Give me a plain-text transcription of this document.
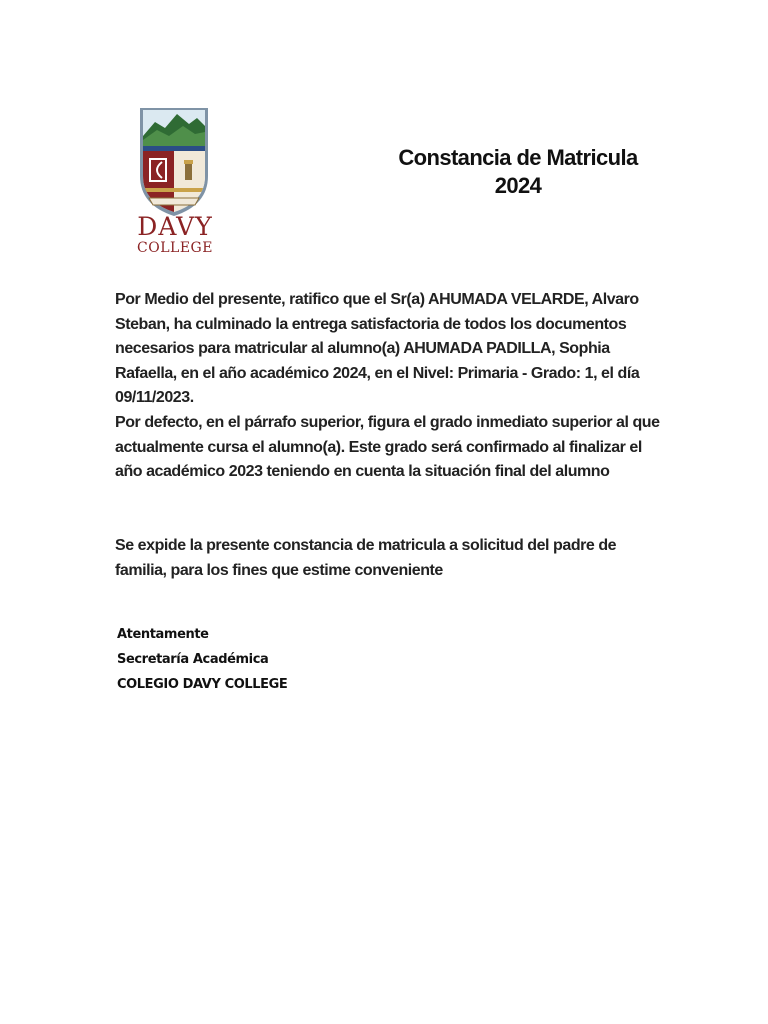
DAVY
COLLEGE
Constancia de Matricula
2024

Por Medio del presente, ratifico que el Sr(a) AHUMADA VELARDE, Alvaro Steban, ha culminado la entrega satisfactoria de todos los documentos necesarios para matricular al alumno(a) AHUMADA PADILLA, Sophia Rafaella, en el año académico 2024, en el Nivel: Primaria - Grado: 1, el día 09/11/2023.

Por defecto, en el párrafo superior, figura el grado inmediato superior al que actualmente cursa el alumno(a). Este grado será confirmado al finalizar el año académico 2023 teniendo en cuenta la situación final del alumno

Se expide la presente constancia de matricula a solicitud del padre de familia, para los fines que estime conveniente

Atentamente
Secretaría Académica
COLEGIO DAVY COLLEGE
